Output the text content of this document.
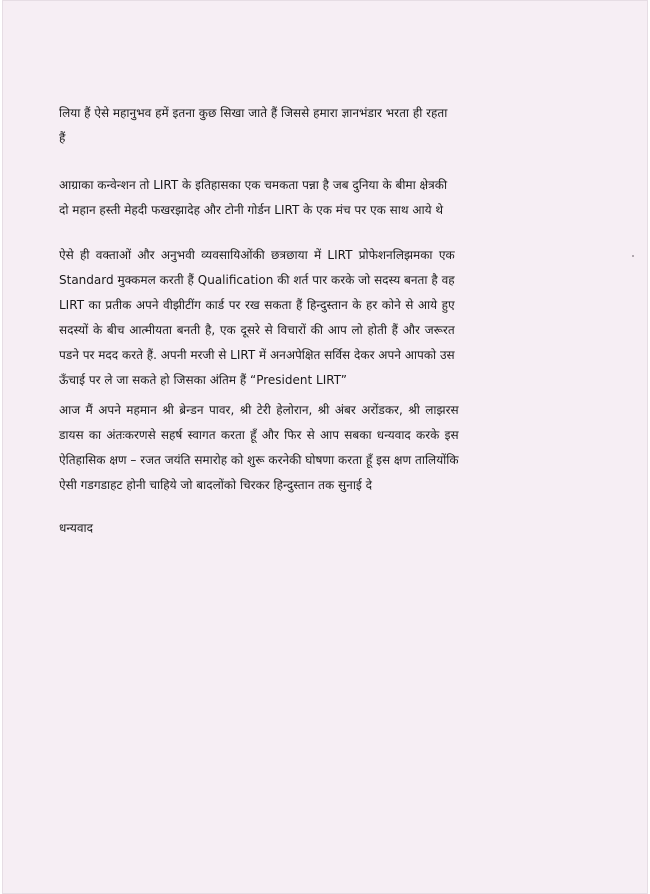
लिया हैं ऐसे महानुभव हमें इतना कुछ सिखा जाते हैं जिससे हमारा ज्ञानभंडार भरता ही रहता
हैं

आग्राका कन्वेन्शन तो LIRT के इतिहासका एक चमकता पन्ना है जब दुनिया के बीमा क्षेत्रकी
दो महान हस्ती मेहदी फखरझादेह और टोनी गोर्डन LIRT के एक मंच पर एक साथ आये थे

ऐसे ही वक्ताओं और अनुभवी व्यवसायिओंकी छत्रछाया में LIRT प्रोफेशनलिझमका एक
Standard मुक्कमल करती हैं Qualification की शर्त पार करके जो सदस्य बनता है वह
LIRT का प्रतीक अपने वीझीटींग कार्ड पर रख सकता हैं हिन्दुस्तान के हर कोने से आये हुए
सदस्यों के बीच आत्मीयता बनती है, एक दूसरे से विचारों की आप लो होती हैं और जरूरत
पडने पर मदद करते हैं. अपनी मरजी से LIRT में अनअपेक्षित सर्विस देकर अपने आपको उस
ऊँचाई पर ले जा सकते हो जिसका अंतिम हैं “President LIRT”

आज मैं अपने महमान श्री ब्रेन्डन पावर, श्री टेरी हेलोरान, श्री अंबर अरोंडकर, श्री लाझरस
डायस का अंतःकरणसे सहर्ष स्वागत करता हूँ और फिर से आप सबका धन्यवाद करके इस
ऐतिहासिक क्षण – रजत जयंति समारोह को शुरू करनेकी घोषणा करता हूँ इस क्षण तालियोंकि
ऐसी गडगडाहट होनी चाहिये जो बादलोंको चिरकर हिन्दुस्तान तक सुनाई दे

धन्यवाद
